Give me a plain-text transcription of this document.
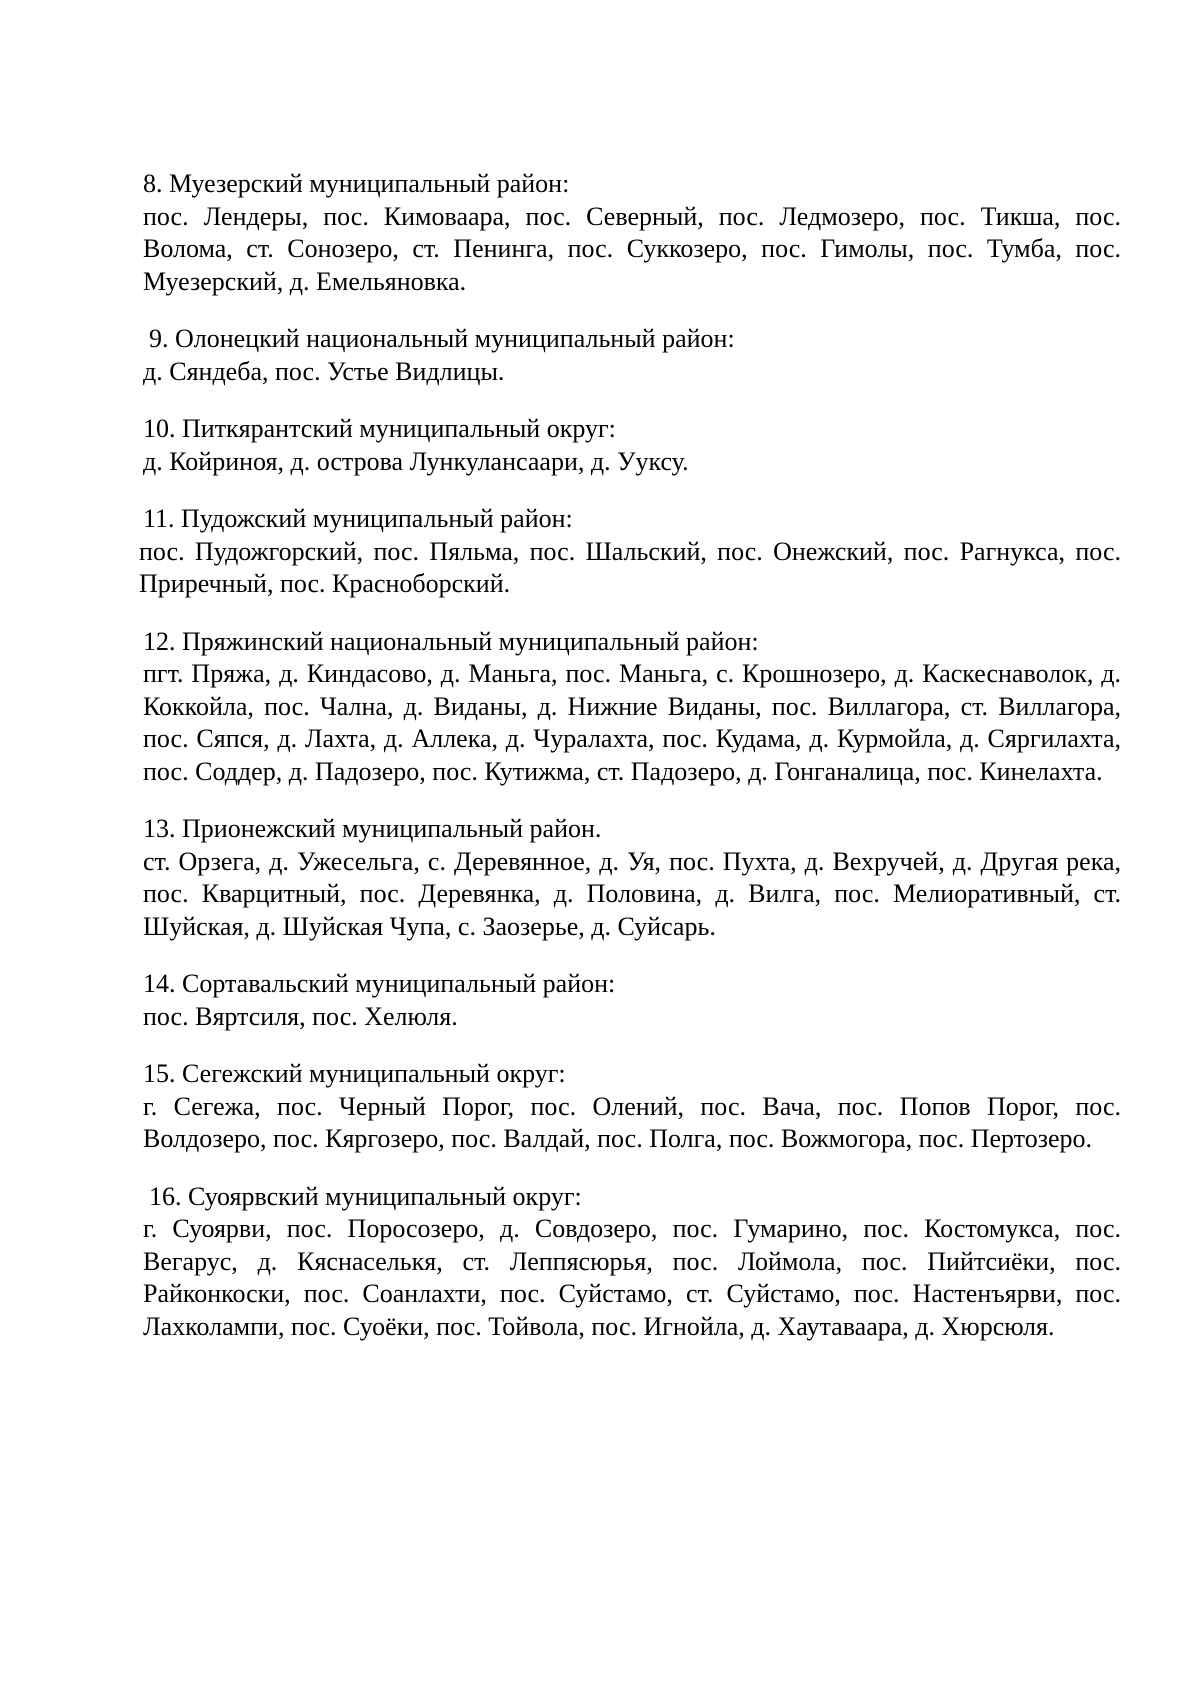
8. Муезерский муниципальный район:

пос. Лендеры, пос. Кимоваара, пос. Северный, пос. Ледмозеро, пос. Тикша, пос. Волома, ст. Сонозеро, ст. Пенинга, пос. Суккозеро, пос. Гимолы, пос. Тумба, пос. Муезерский, д. Емельяновка.

9. Олонецкий национальный муниципальный район:

д. Сяндеба, пос. Устье Видлицы.

10. Питкярантский муниципальный округ:

д. Койриноя, д. острова Лункулансаари, д. Ууксу.

11. Пудожский муниципальный район:

пос. Пудожгорский, пос. Пяльма, пос. Шальский, пос. Онежский, пос. Рагнукса, пос. Приречный, пос. Красноборский.

12. Пряжинский национальный муниципальный район:

пгт. Пряжа, д. Киндасово, д. Маньга, пос. Маньга, с. Крошнозеро, д. Каскеснаволок, д. Коккойла, пос. Чална, д. Виданы, д. Нижние Виданы, пос. Виллагора, ст. Виллагора, пос. Сяпся, д. Лахта, д. Аллека, д. Чуралахта, пос. Кудама, д. Курмойла, д. Сяргилахта, пос. Соддер, д. Падозеро, пос. Кутижма, ст. Падозеро, д. Гонганалица, пос. Кинелахта.

13. Прионежский муниципальный район.

ст. Орзега, д. Ужесельга, с. Деревянное, д. Уя, пос. Пухта, д. Вехручей, д. Другая река, пос. Кварцитный, пос. Деревянка, д. Половина, д. Вилга, пос. Мелиоративный, ст. Шуйская, д. Шуйская Чупа, с. Заозерье, д. Суйсарь.

14. Сортавальский муниципальный район:

пос. Вяртсиля, пос. Хелюля.

15. Сегежский муниципальный округ:

г. Сегежа, пос. Черный Порог, пос. Олений, пос. Вача, пос. Попов Порог, пос. Волдозеро, пос. Кяргозеро, пос. Валдай, пос. Полга, пос. Вожмогора, пос. Пертозеро.

16. Суоярвский муниципальный округ:

г. Суоярви, пос. Поросозеро, д. Совдозеро, пос. Гумарино, пос. Костомукса, пос. Вегарус, д. Кяснаселькя, ст. Леппясюрья, пос. Лоймола, пос. Пийтсиёки, пос. Райконкоски, пос. Соанлахти, пос. Суйстамо, ст. Суйстамо, пос. Настенъярви, пос. Лахколампи, пос. Суоёки, пос. Тойвола, пос. Игнойла, д. Хаутаваара, д. Хюрсюля.
